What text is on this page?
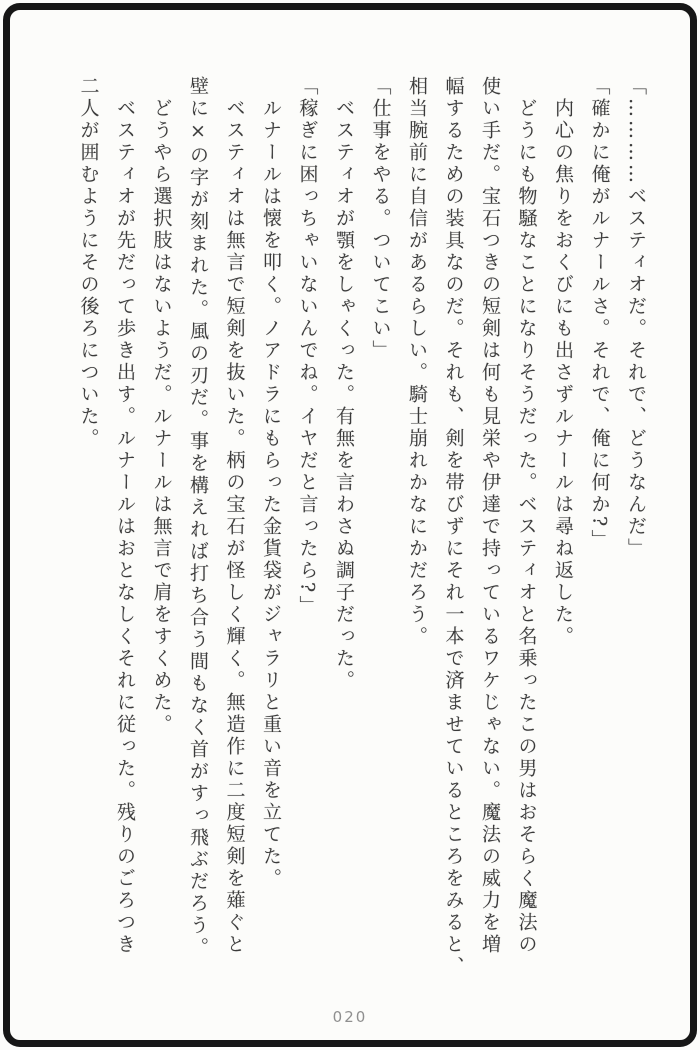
「…………ベスティオだ。それで、どうなんだ」
「確かに俺がルナールさ。それで、俺に何か?」
　内心の焦りをおくびにも出さずルナールは尋ね返した。
　どうにも物騒なことになりそうだった。ベスティオと名乗ったこの男はおそらく魔法の
使い手だ。宝石つきの短剣は何も見栄や伊達で持っているワケじゃない。魔法の威力を増
幅するための装具なのだ。それも、剣を帯びずにそれ一本で済ませているところをみると、
相当腕前に自信があるらしい。騎士崩れかなにかだろう。
「仕事をやる。ついてこい」
　ベスティオが顎をしゃくった。有無を言わさぬ調子だった。
「稼ぎに困っちゃいないんでね。イヤだと言ったら?」
　ルナールは懐を叩く。ノアドラにもらった金貨袋がジャラリと重い音を立てた。
　ベスティオは無言で短剣を抜いた。柄の宝石が怪しく輝く。無造作に二度短剣を薙ぐと
壁に×の字が刻まれた。風の刃だ。事を構えれば打ち合う間もなく首がすっ飛ぶだろう。
　どうやら選択肢はないようだ。ルナールは無言で肩をすくめた。
　ベスティオが先だって歩き出す。ルナールはおとなしくそれに従った。残りのごろつき
二人が囲むようにその後ろについた。
020
